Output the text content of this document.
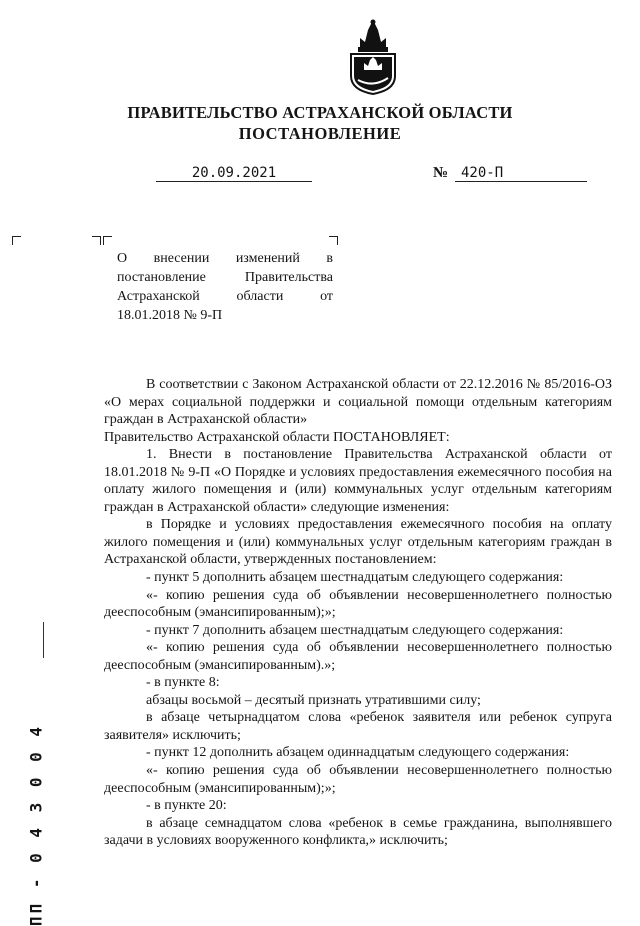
ПРАВИТЕЛЬСТВО АСТРАХАНСКОЙ ОБЛАСТИ
ПОСТАНОВЛЕНИЕ
20.09.2021	№ 420-П
О внесении изменений в постановление Правительства Астраханской области от 18.01.2018 № 9-П

В соответствии с Законом Астраханской области от 22.12.2016 № 85/2016-ОЗ «О мерах социальной поддержки и социальной помощи отдельным категориям граждан в Астраханской области»

Правительство Астраханской области ПОСТАНОВЛЯЕТ:

1. Внести в постановление Правительства Астраханской области от 18.01.2018 № 9-П «О Порядке и условиях предоставления ежемесячного пособия на оплату жилого помещения и (или) коммунальных услуг отдельным категориям граждан в Астраханской области» следующие изменения:

в Порядке и условиях предоставления ежемесячного пособия на оплату жилого помещения и (или) коммунальных услуг отдельным категориям граждан в Астраханской области, утвержденных постановлением:

- пункт 5 дополнить абзацем шестнадцатым следующего содержания:

«- копию решения суда об объявлении несовершеннолетнего полностью дееспособным (эмансипированным);»;

- пункт 7 дополнить абзацем шестнадцатым следующего содержания:

«- копию решения суда об объявлении несовершеннолетнего полностью дееспособным (эмансипированным).»;

- в пункте 8:

абзацы восьмой – десятый признать утратившими силу;

в абзаце четырнадцатом слова «ребенок заявителя или ребенок супруга заявителя» исключить;

- пункт 12 дополнить абзацем одиннадцатым следующего содержания:

«- копию решения суда об объявлении несовершеннолетнего полностью дееспособным (эмансипированным);»;

- в пункте 20:

в абзаце семнадцатом слова «ребенок в семье гражданина, выполнявшего задачи в условиях вооруженного конфликта,» исключить;

ПП - 0 4 3 0 0 4
